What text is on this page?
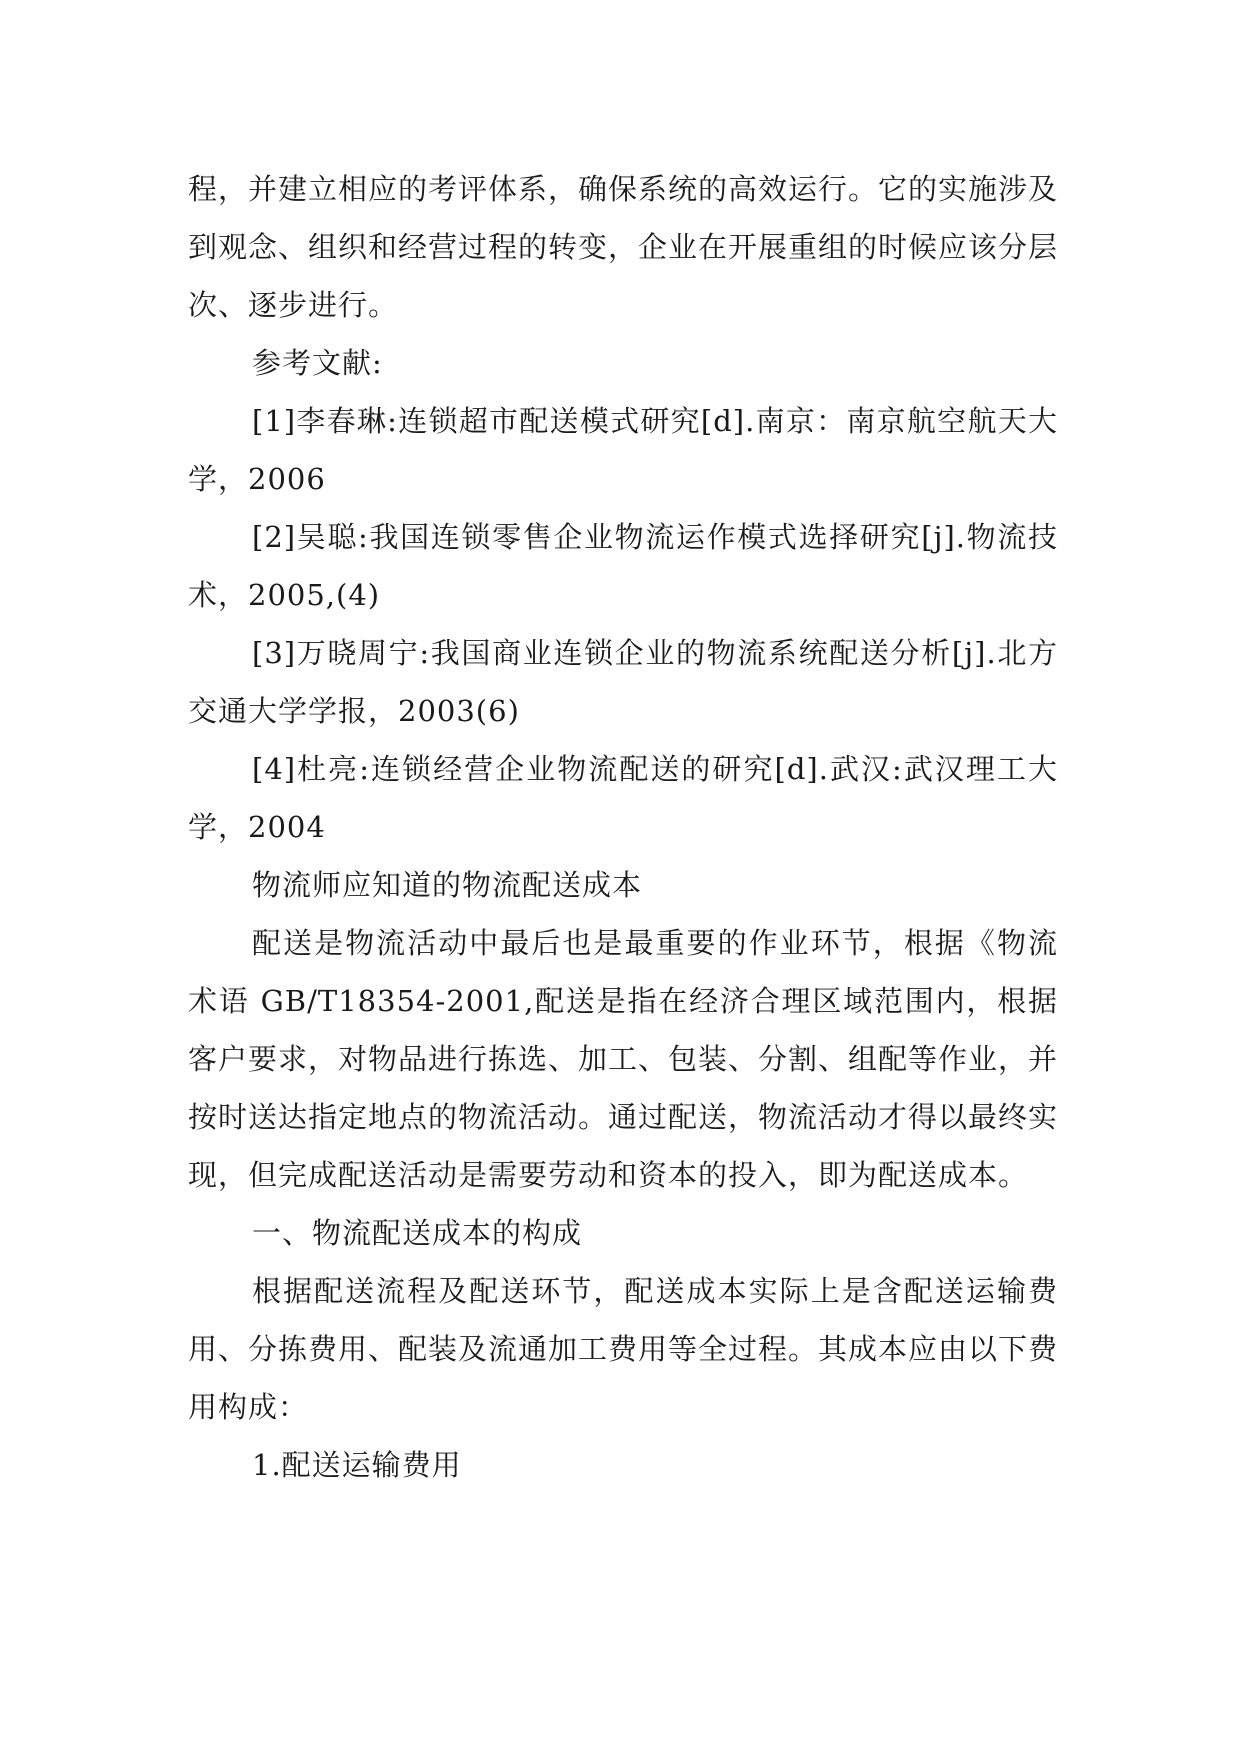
程，并建立相应的考评体系，确保系统的高效运行。它的实施涉及到观念、组织和经营过程的转变，企业在开展重组的时候应该分层次、逐步进行。

参考文献:

[1]李春琳:连锁超市配送模式研究[d].南京：南京航空航天大学，2006

[2]吴聪:我国连锁零售企业物流运作模式选择研究[j].物流技术，2005,(4)

[3]万晓周宁:我国商业连锁企业的物流系统配送分析[j].北方交通大学学报，2003(6)

[4]杜亮:连锁经营企业物流配送的研究[d].武汉:武汉理工大学，2004

物流师应知道的物流配送成本

配送是物流活动中最后也是最重要的作业环节，根据《物流术语 GB/T18354-2001,配送是指在经济合理区域范围内，根据客户要求，对物品进行拣选、加工、包装、分割、组配等作业，并按时送达指定地点的物流活动。通过配送，物流活动才得以最终实现，但完成配送活动是需要劳动和资本的投入，即为配送成本。

一、物流配送成本的构成

根据配送流程及配送环节，配送成本实际上是含配送运输费用、分拣费用、配装及流通加工费用等全过程。其成本应由以下费用构成：

1.配送运输费用
